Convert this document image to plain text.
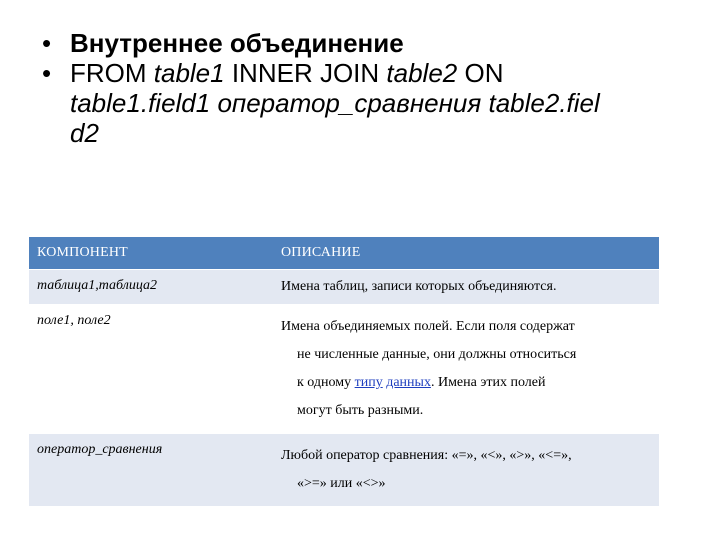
• Внутреннее объединение
• FROM table1 INNER JOIN table2 ON
table1.field1 оператор_сравнения table2.fiel
d2
КОМПОНЕНТ	ОПИСАНИЕ
таблица1,таблица2	Имена таблиц, записи которых объединяются.
поле1, поле2	Имена объединяемых полей. Если поля содержат
не численные данные, они должны относиться
к одному типу данных. Имена этих полей
могут быть разными.

оператор_сравнения	Любой оператор сравнения: «=», «<», «>», «<=»,
«>=» или «<>»
